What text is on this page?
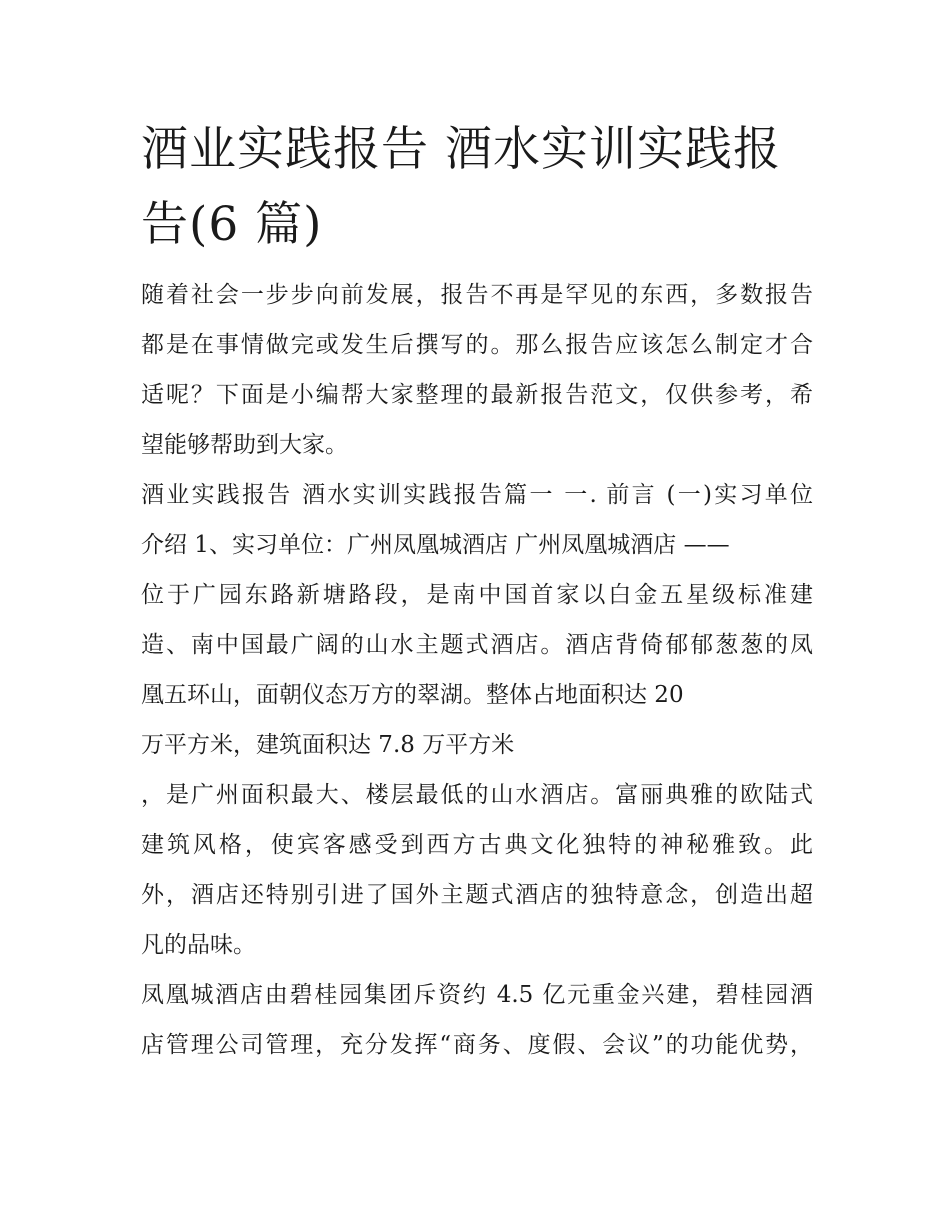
酒业实践报告 酒水实训实践报
告(6 篇)
随着社会一步步向前发展，报告不再是罕见的东西，多数报告
都是在事情做完或发生后撰写的。那么报告应该怎么制定才合
适呢？下面是小编帮大家整理的最新报告范文，仅供参考，希
望能够帮助到大家。
酒业实践报告 酒水实训实践报告篇一 一. 前言 (一)实习单位
介绍 1、实习单位：广州凤凰城酒店 广州凤凰城酒店 ——
位于广园东路新塘路段，是南中国首家以白金五星级标准建
造、南中国最广阔的山水主题式酒店。酒店背倚郁郁葱葱的凤
凰五环山，面朝仪态万方的翠湖。整体占地面积达 20
万平方米，建筑面积达 7.8 万平方米
，是广州面积最大、楼层最低的山水酒店。富丽典雅的欧陆式
建筑风格，使宾客感受到西方古典文化独特的神秘雅致。此
外，酒店还特别引进了国外主题式酒店的独特意念，创造出超
凡的品味。
凤凰城酒店由碧桂园集团斥资约 4.5 亿元重金兴建，碧桂园酒
店管理公司管理，充分发挥“商务、度假、会议”的功能优势，
